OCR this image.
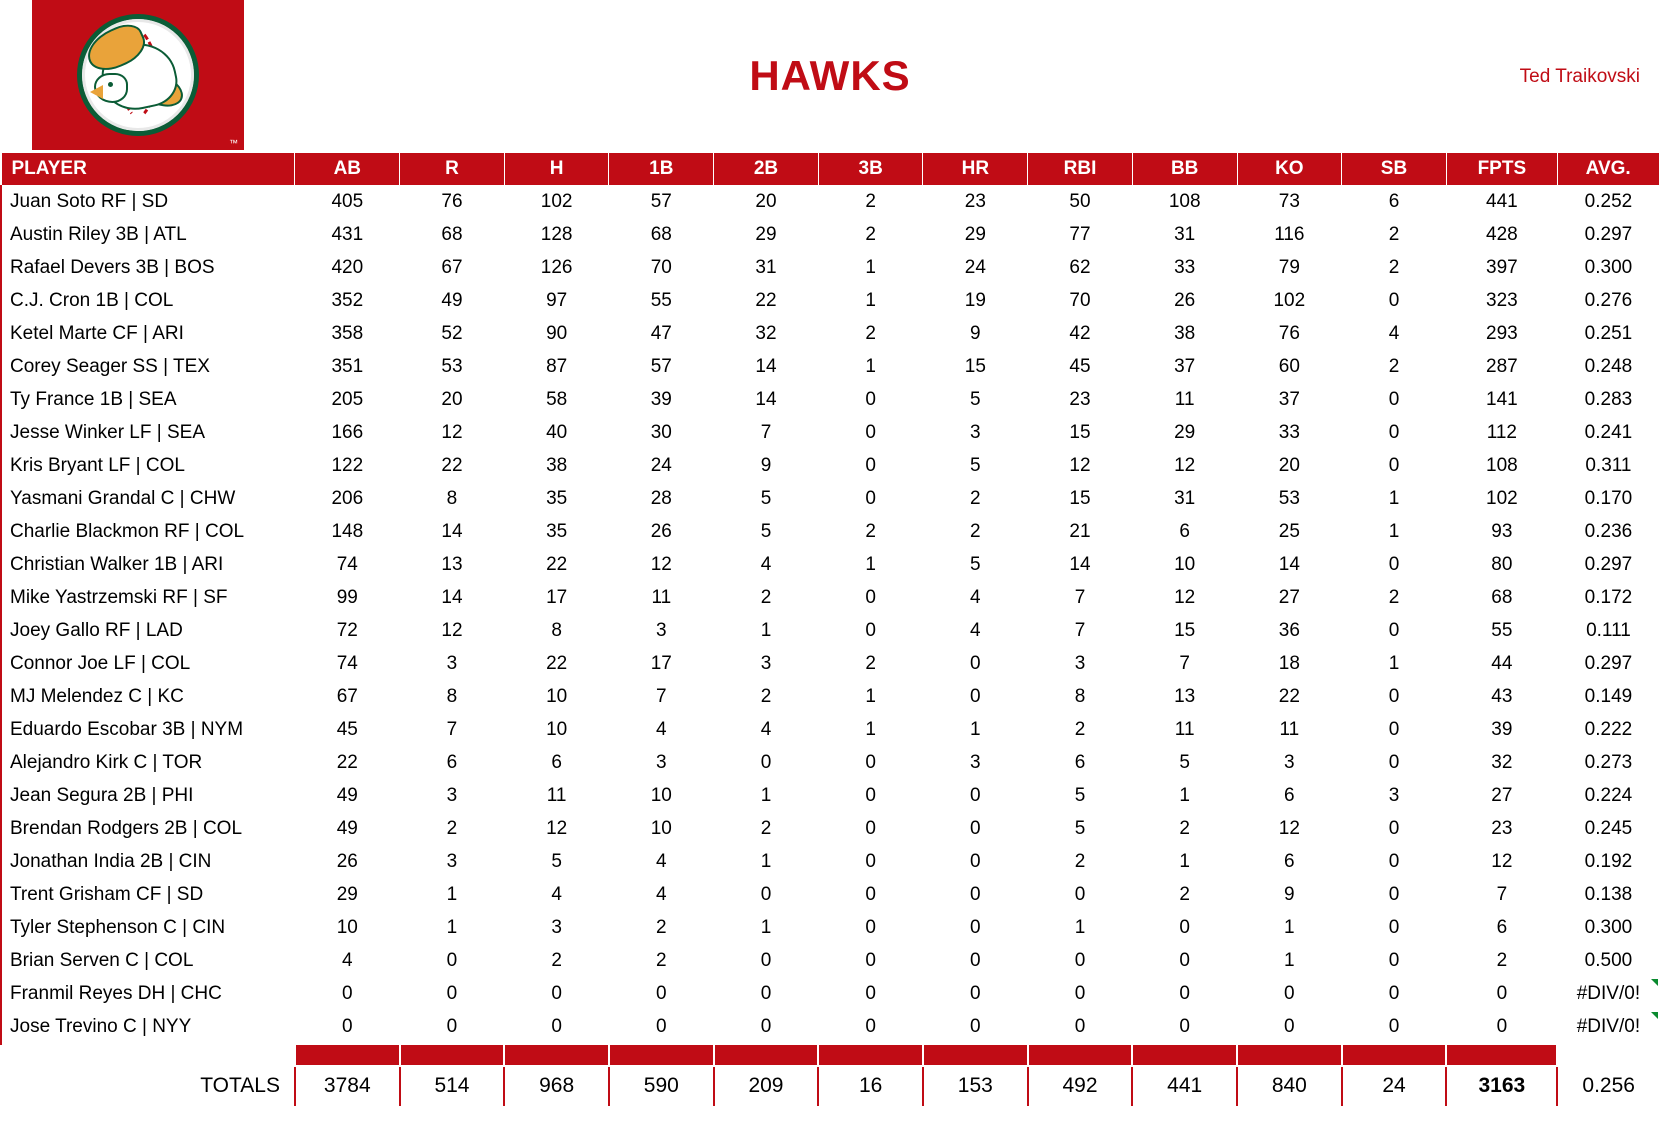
™
HAWKS	Ted Traikovski
PLAYER	AB	R	H	1B	2B	3B	HR	RBI	BB	KO	SB	FPTS	AVG.
Juan Soto RF | SD	405	76	102	57	20	2	23	50	108	73	6	441	0.252
Austin Riley 3B | ATL	431	68	128	68	29	2	29	77	31	116	2	428	0.297
Rafael Devers 3B | BOS	420	67	126	70	31	1	24	62	33	79	2	397	0.300
C.J. Cron 1B | COL	352	49	97	55	22	1	19	70	26	102	0	323	0.276
Ketel Marte CF | ARI	358	52	90	47	32	2	9	42	38	76	4	293	0.251
Corey Seager SS | TEX	351	53	87	57	14	1	15	45	37	60	2	287	0.248
Ty France 1B | SEA	205	20	58	39	14	0	5	23	11	37	0	141	0.283
Jesse Winker LF | SEA	166	12	40	30	7	0	3	15	29	33	0	112	0.241
Kris Bryant LF | COL	122	22	38	24	9	0	5	12	12	20	0	108	0.311
Yasmani Grandal C | CHW	206	8	35	28	5	0	2	15	31	53	1	102	0.170
Charlie Blackmon RF | COL	148	14	35	26	5	2	2	21	6	25	1	93	0.236
Christian Walker 1B | ARI	74	13	22	12	4	1	5	14	10	14	0	80	0.297
Mike Yastrzemski RF | SF	99	14	17	11	2	0	4	7	12	27	2	68	0.172
Joey Gallo RF | LAD	72	12	8	3	1	0	4	7	15	36	0	55	0.111
Connor Joe LF | COL	74	3	22	17	3	2	0	3	7	18	1	44	0.297
MJ Melendez C | KC	67	8	10	7	2	1	0	8	13	22	0	43	0.149
Eduardo Escobar 3B | NYM	45	7	10	4	4	1	1	2	11	11	0	39	0.222
Alejandro Kirk C | TOR	22	6	6	3	0	0	3	6	5	3	0	32	0.273
Jean Segura 2B | PHI	49	3	11	10	1	0	0	5	1	6	3	27	0.224
Brendan Rodgers 2B | COL	49	2	12	10	2	0	0	5	2	12	0	23	0.245
Jonathan India 2B | CIN	26	3	5	4	1	0	0	2	1	6	0	12	0.192
Trent Grisham CF | SD	29	1	4	4	0	0	0	0	2	9	0	7	0.138
Tyler Stephenson C | CIN	10	1	3	2	1	0	0	1	0	1	0	6	0.300
Brian Serven C | COL	4	0	2	2	0	0	0	0	0	1	0	2	0.500
Franmil Reyes DH | CHC	0	0	0	0	0	0	0	0	0	0	0	0	#DIV/0!
Jose Trevino C | NYY	0	0	0	0	0	0	0	0	0	0	0	0	#DIV/0!

TOTALS	3784	514	968	590	209	16	153	492	441	840	24	3163	0.256
